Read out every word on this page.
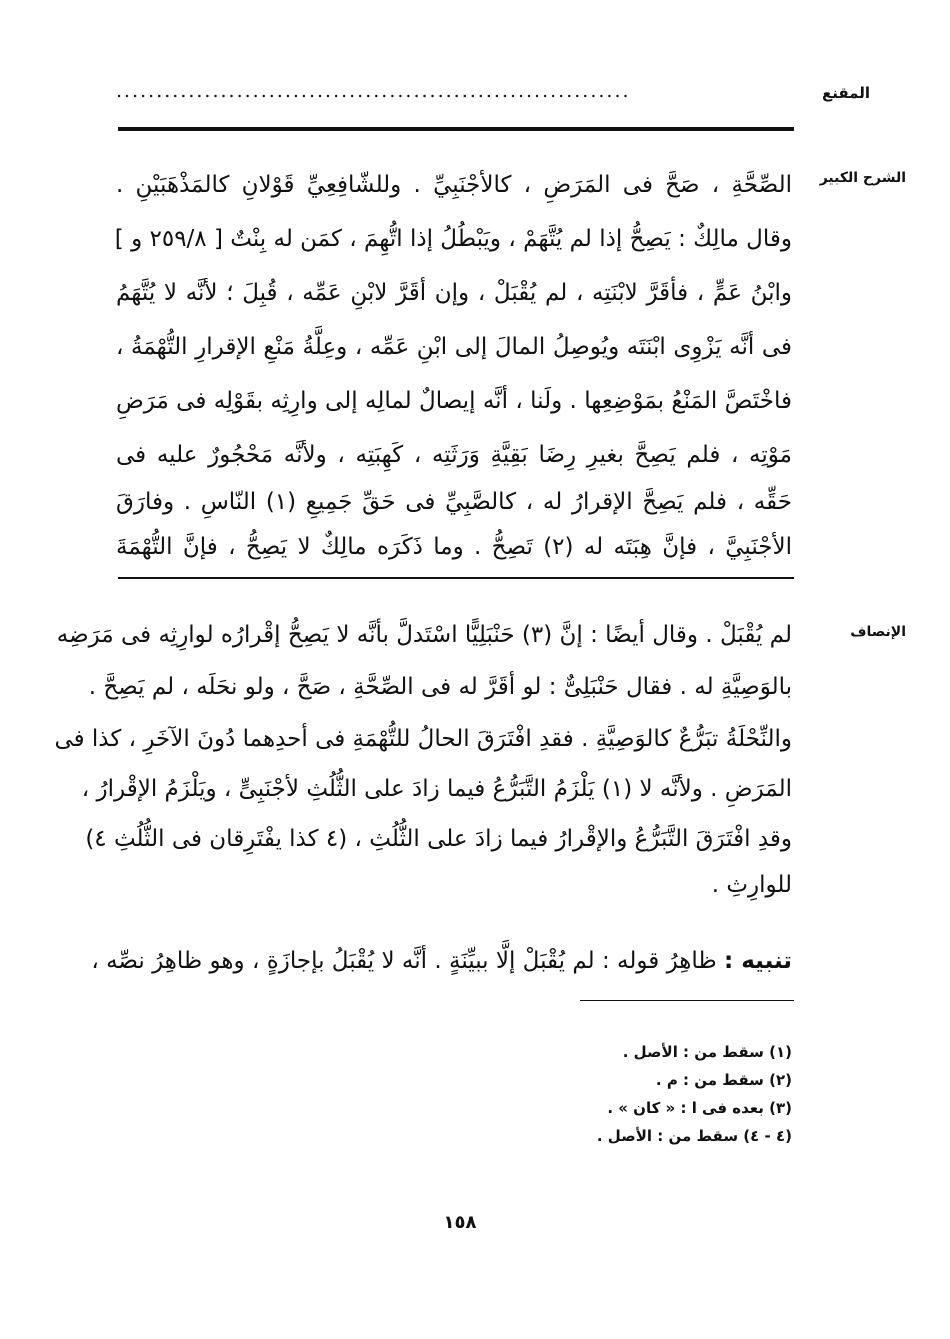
................................................................	المقنع
الشرح الكبير
الصِّحَّةِ ، صَحَّ فى المَرَضِ ، كالأجْنَبِيِّ . وللشّافِعِيِّ قَوْلانِ كالمَذْهَبَيْنِ .
وقال مالِكٌ : يَصِحُّ إذا لم يُتَّهَمْ ، ويَبْطُلُ إذا اتُّهِمَ ، كمَن له بِنْتٌ [ ٢٥٩/٨ و ]
وابْنُ عَمٍّ ، فأقَرَّ لابْنَتِه ، لم يُقْبَلْ ، وإن أقَرَّ لابْنِ عَمِّه ، قُبِلَ ؛ لأنَّه لا يُتَّهَمُ
فى أنَّه يَزْوِى ابْنَتَه ويُوصِلُ المالَ إلى ابْنِ عَمِّه ، وعِلَّةُ مَنْعِ الإقرارِ التُّهْمَةُ ،
فاخْتَصَّ المَنْعُ بمَوْضِعِها . ولَنا ، أنَّه إيصالٌ لمالِه إلى وارِثِه بقَوْلِه فى مَرَضِ
مَوْتِه ، فلم يَصِحَّ بغيرِ رِضَا بَقِيَّةِ وَرَثَتِه ، كَهِبَتِه ، ولأنَّه مَحْجُورٌ عليه فى
حَقِّه ، فلم يَصِحَّ الإقرارُ له ، كالصَّبِيِّ فى حَقِّ جَمِيعِ (١) النّاسِ . وفارَقَ
الأجْنَبِيَّ ، فإنَّ هِبَتَه له (٢) تَصِحُّ . وما ذَكَرَه مالِكٌ لا يَصِحُّ ، فإنَّ التُّهْمَةَ
الإنصاف
لم يُقْبَلْ . وقال أيضًا : إنَّ (٣) حَنْبَلِيًّا اسْتَدلَّ بأنَّه لا يَصِحُّ إقْرارُه لوارِثِه فى مَرَضِه
بالوَصِيَّةِ له . فقال حَنْبَلِىٌّ : لو أقَرَّ له فى الصِّحَّةِ ، صَحَّ ، ولو نحَلَه ، لم يَصِحَّ .
والنِّحْلَةُ تبَرُّعٌ كالوَصِيَّةِ . فقدِ افْتَرَقَ الحالُ للتُّهْمَةِ فى أحدِهما دُونَ الآخَرِ ، كذا فى
المَرَضِ . ولأنَّه لا (١) يَلْزَمُ التَّبَرُّعُ فيما زادَ على الثُّلُثِ لأجْنَبِىٍّ ، ويَلْزَمُ الإقْرارُ ،
وقدِ افْتَرَقَ التَّبَرُّعُ والإقْرارُ فيما زادَ على الثُّلُثِ ، (٤ كذا يفْتَرِقان فى الثُّلُثِ ٤)
للوارِثِ .
تنبيه : ظاهِرُ قوله : لم يُقْبَلْ إلَّا ببيِّنَةٍ . أنَّه لا يُقْبَلُ بإجازَةٍ ، وهو ظاهِرُ نصِّه ،
(١) سقط من : الأصل .
(٢) سقط من : م .
(٣) بعده فى ا : « كان » .
(٤ - ٤) سقط من : الأصل .
١٥٨
